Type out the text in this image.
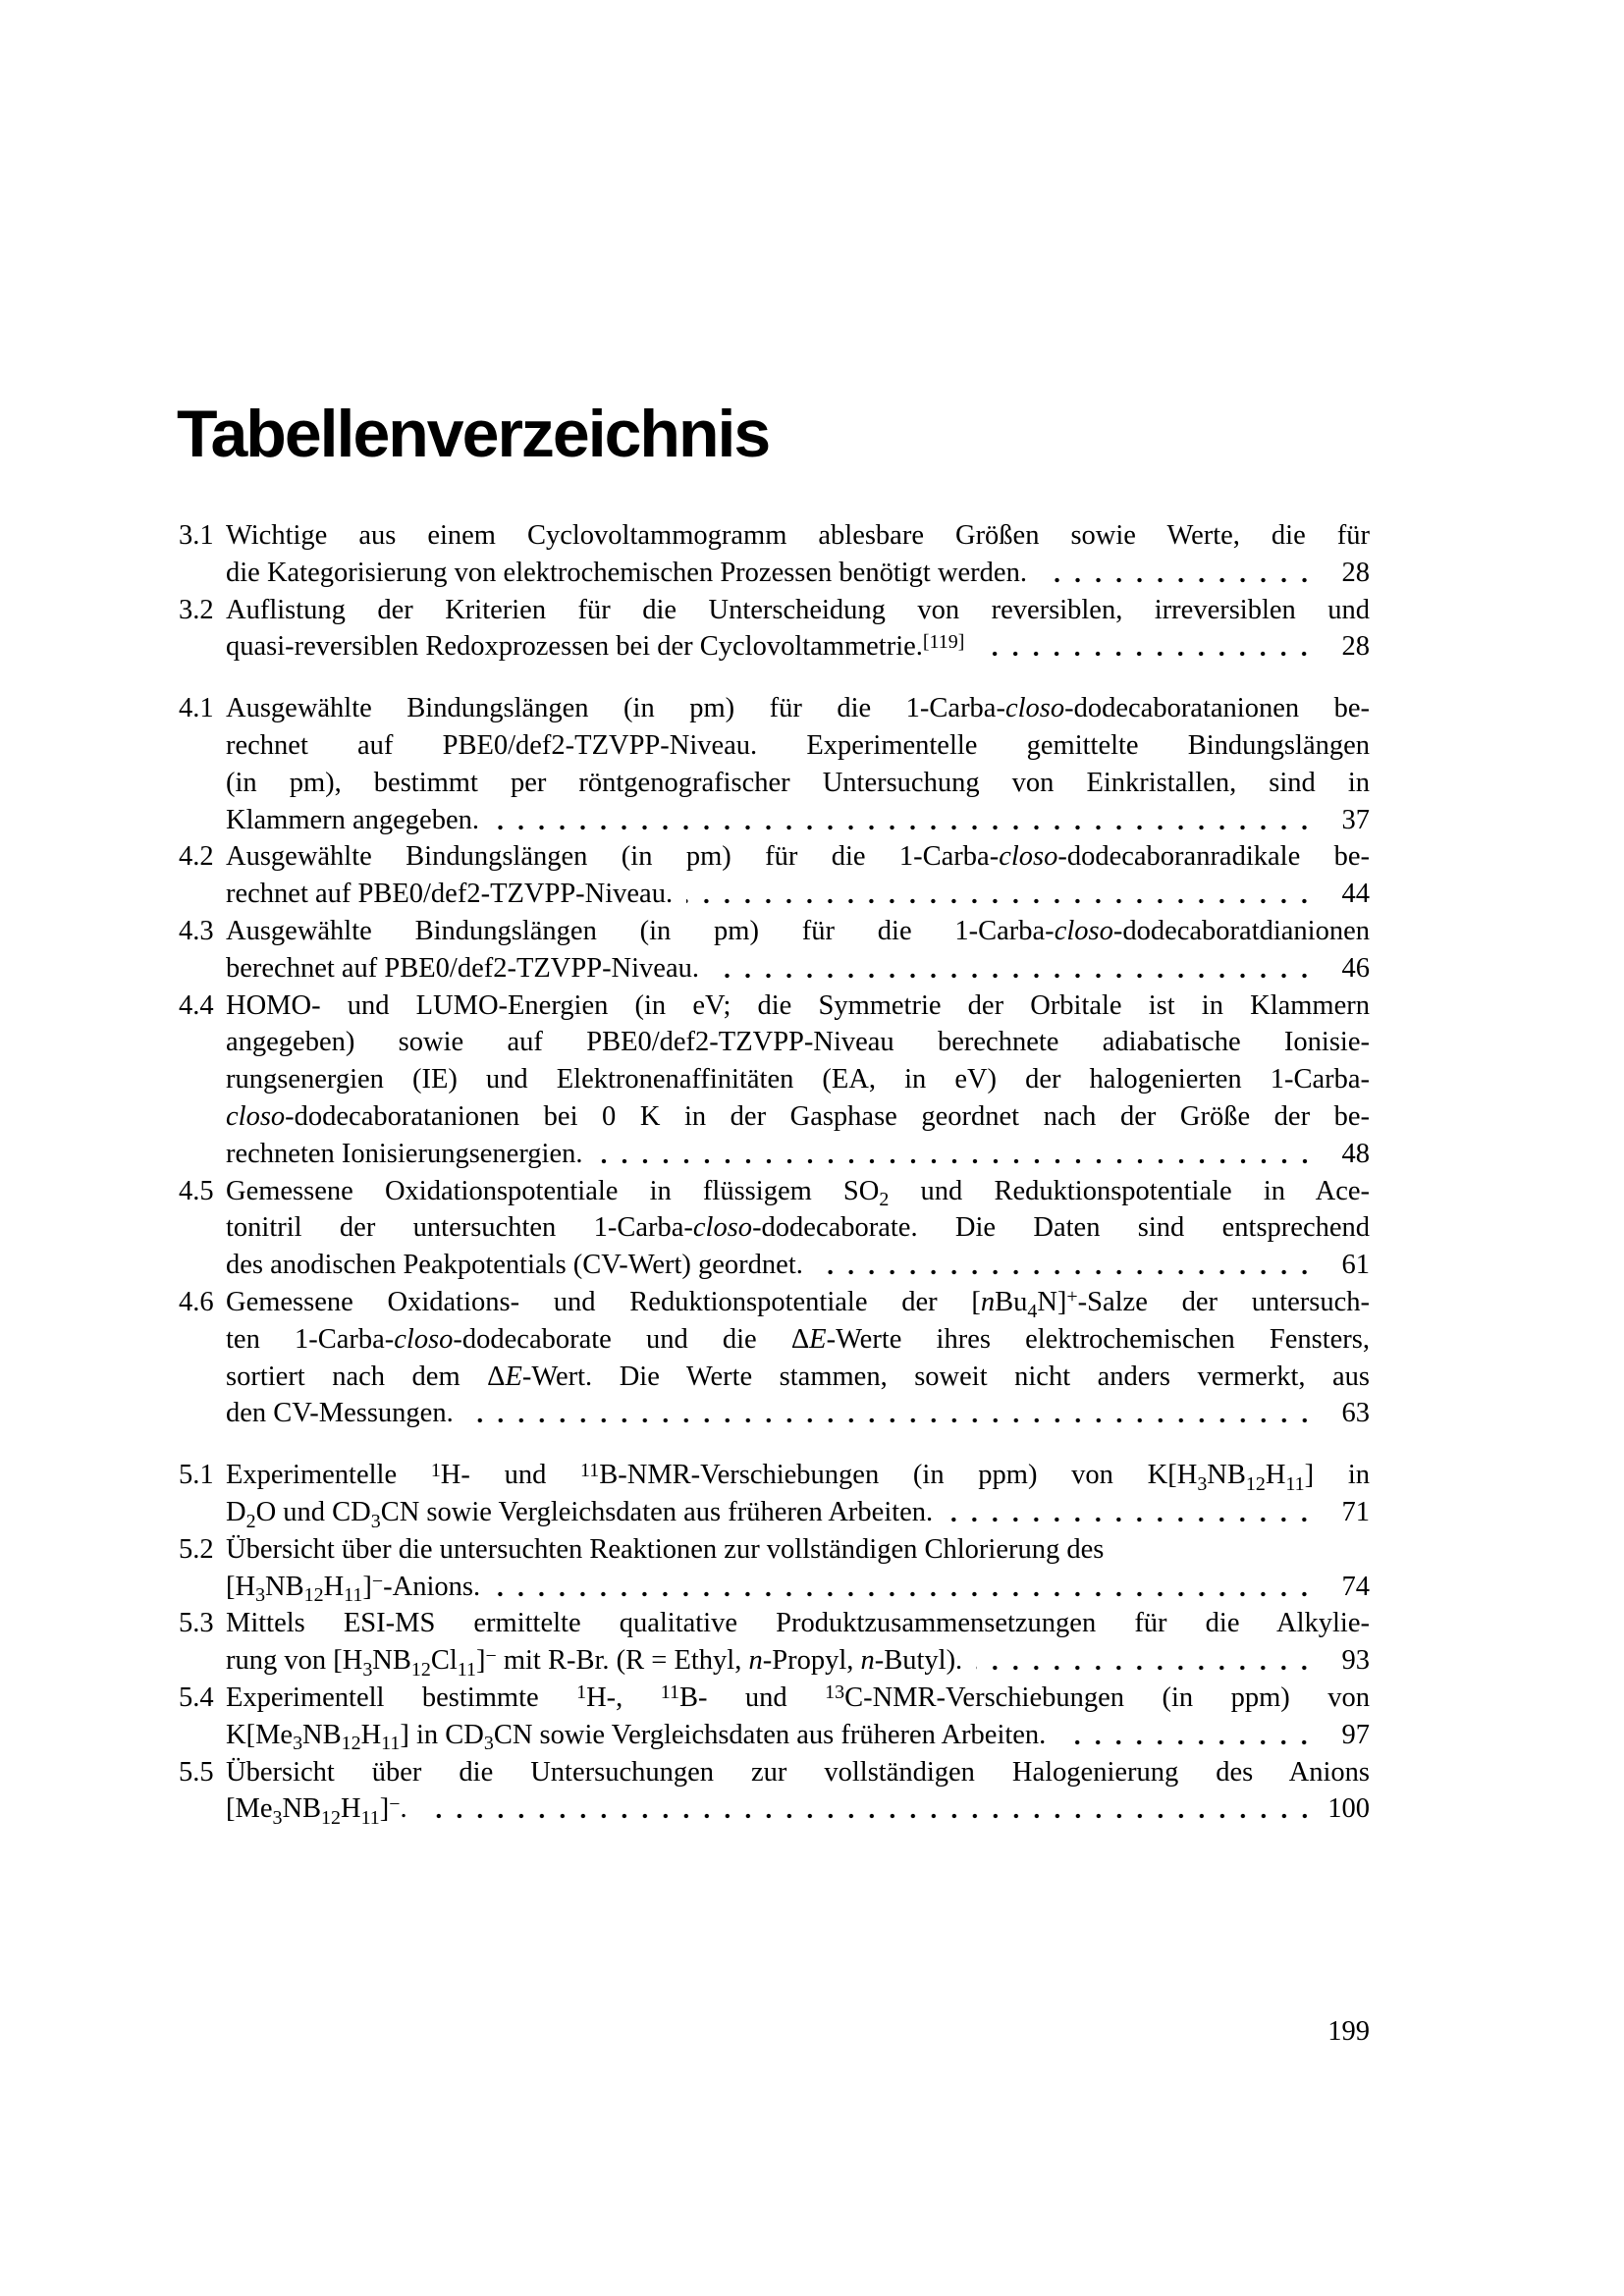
Tabellenverzeichnis
3.1 Wichtige aus einem Cyclovoltammogramm ablesbare Größen sowie Werte, die für
die Kategorisierung von elektrochemischen Prozessen benötigt werden.	28
3.2 Auflistung der Kriterien für die Unterscheidung von reversiblen, irreversiblen und
quasi-reversiblen Redoxprozessen bei der Cyclovoltammetrie.[119]	28
4.1 Ausgewählte Bindungslängen (in pm) für die 1-Carba-closo-dodecaboratanionen be-
rechnet auf PBE0/def2-TZVPP-Niveau. Experimentelle gemittelte Bindungslängen
(in pm), bestimmt per röntgenografischer Untersuchung von Einkristallen, sind in
Klammern angegeben.	37
4.2 Ausgewählte Bindungslängen (in pm) für die 1-Carba-closo-dodecaboranradikale be-
rechnet auf PBE0/def2-TZVPP-Niveau.	44
4.3 Ausgewählte Bindungslängen (in pm) für die 1-Carba-closo-dodecaboratdianionen
berechnet auf PBE0/def2-TZVPP-Niveau.	46
4.4 HOMO- und LUMO-Energien (in eV; die Symmetrie der Orbitale ist in Klammern
angegeben) sowie auf PBE0/def2-TZVPP-Niveau berechnete adiabatische Ionisie-
rungsenergien (IE) und Elektronenaffinitäten (EA, in eV) der halogenierten 1-Carba-
closo-dodecaboratanionen bei 0 K in der Gasphase geordnet nach der Größe der be-
rechneten Ionisierungsenergien.	48
4.5 Gemessene Oxidationspotentiale in flüssigem $SO_2$ und Reduktionspotentiale in Ace-
tonitril der untersuchten 1-Carba-closo-dodecaborate. Die Daten sind entsprechend
des anodischen Peakpotentials (CV-Wert) geordnet.	61
4.6 Gemessene Oxidations- und Reduktionspotentiale der [nBu$_4$N]+-Salze der untersuch-
ten 1-Carba-closo-dodecaborate und die ΔE-Werte ihres elektrochemischen Fensters,
sortiert nach dem ΔE-Wert. Die Werte stammen, soweit nicht anders vermerkt, aus
den CV-Messungen.	63
5.1 Experimentelle $^1$H- und $^{11}$B-NMR-Verschiebungen (in ppm) von $K[H_3NB_{12}H_{11}]$ in
$D_2O$ und $CD_3CN$ sowie Vergleichsdaten aus früheren Arbeiten.	71
5.2 Übersicht über die untersuchten Reaktionen zur vollständigen Chlorierung des
$[H_3NB_{12}H_{11}]^-$-Anions.	74
5.3 Mittels ESI-MS ermittelte qualitative Produktzusammensetzungen für die Alkylie-
rung von $[H_3NB_{12}Cl_{11}]^-$ mit R-Br. (R = Ethyl, n-Propyl, n-Butyl).	93
5.4 Experimentell bestimmte $^1$H-, $^{11}$B- und $^{13}$C-NMR-Verschiebungen (in ppm) von
$K[Me_3NB_{12}H_{11}]$ in $CD_3CN$ sowie Vergleichsdaten aus früheren Arbeiten.	97
5.5 Übersicht über die Untersuchungen zur vollständigen Halogenierung des Anions
$[Me_3NB_{12}H_{11}]^-$.	100
199
